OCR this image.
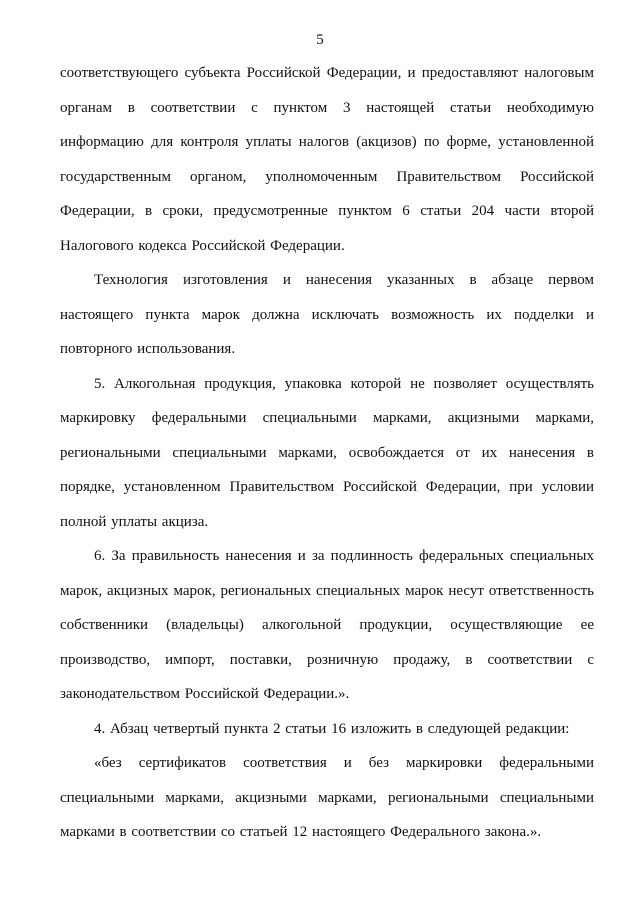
5

соответствующего субъекта Российской Федерации, и предоставляют налоговым органам в соответствии с пунктом 3 настоящей статьи необходимую информацию для контроля уплаты налогов (акцизов) по форме, установленной государственным органом, уполномоченным Правительством Российской Федерации, в сроки, предусмотренные пунктом 6 статьи 204 части второй Налогового кодекса Российской Федерации.

Технология изготовления и нанесения указанных в абзаце первом настоящего пункта марок должна исключать возможность их подделки и повторного использования.

5. Алкогольная продукция, упаковка которой не позволяет осуществлять маркировку федеральными специальными марками, акцизными марками, региональными специальными марками, освобождается от их нанесения в порядке, установленном Правительством Российской Федерации, при условии полной уплаты акциза.

6. За правильность нанесения и за подлинность федеральных специальных марок, акцизных марок, региональных специальных марок несут ответственность собственники (владельцы) алкогольной продукции, осуществляющие ее производство, импорт, поставки, розничную продажу, в соответствии с законодательством Российской Федерации.».

4. Абзац четвертый пункта 2 статьи 16 изложить в следующей редакции:

«без сертификатов соответствия и без маркировки федеральными специальными марками, акцизными марками, региональными специальными марками в соответствии со статьей 12 настоящего Федерального закона.».
